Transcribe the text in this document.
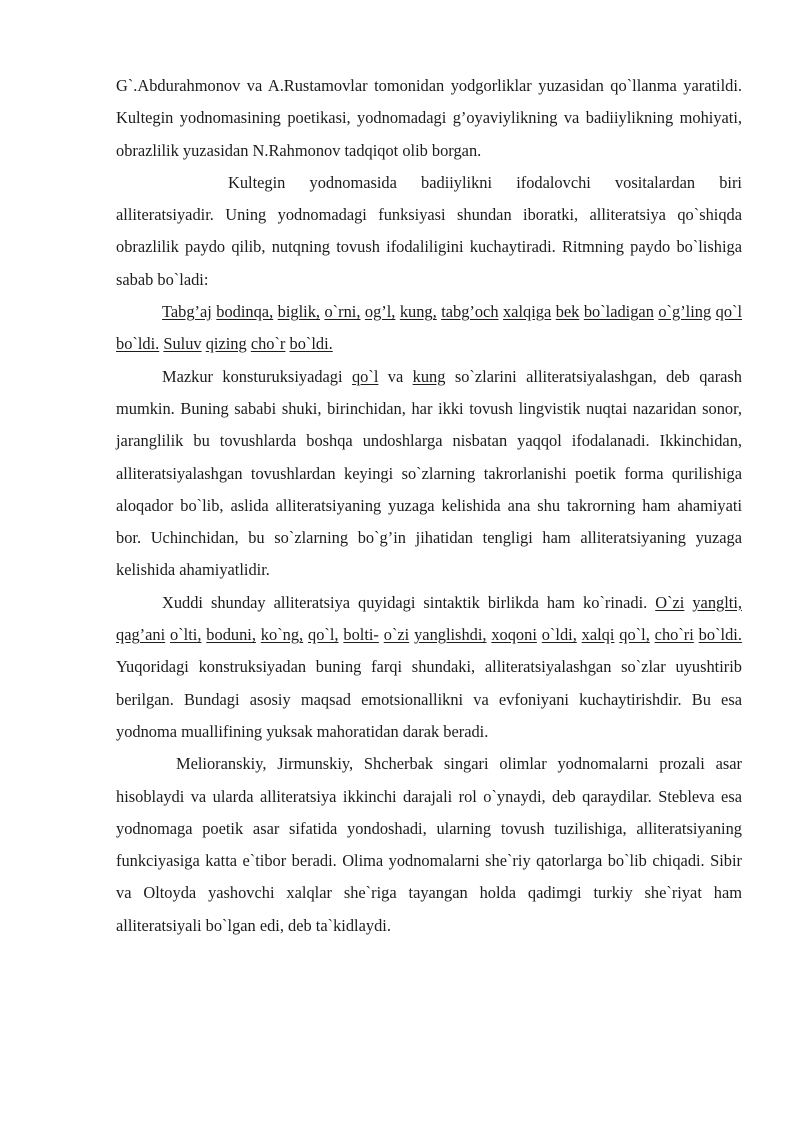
G`.Abdurahmonov va A.Rustamovlar tomonidan yodgorliklar yuzasidan qo`llanma yaratildi. Kultegin yodnomasining poetikasi, yodnomadagi g’oyaviylikning va badiiylikning mohiyati, obrazlilik yuzasidan N.Rahmonov tadqiqot olib borgan.

Kultegin yodnomasida badiiylikni ifodalovchi vositalardan biri alliteratsiyadir. Uning yodnomadagi funksiyasi shundan iboratki, alliteratsiya qo`shiqda obrazlilik paydo qilib, nutqning tovush ifodaliligini kuchaytiradi. Ritmning paydo bo`lishiga sabab bo`ladi:

Tabg’aj bodinqa, biglik, o`rni, og’l, kung, tabg’och xalqiga bek bo`ladigan o`g’ling qo`l bo`ldi. Suluv qizing cho`r bo`ldi.

Mazkur konsturuksiyadagi qo`l va kung so`zlarini alliteratsiyalashgan, deb qarash mumkin. Buning sababi shuki, birinchidan, har ikki tovush lingvistik nuqtai nazaridan sonor, jaranglilik bu tovushlarda boshqa undoshlarga nisbatan yaqqol ifodalanadi. Ikkinchidan, alliteratsiyalashgan tovushlardan keyingi so`zlarning takrorlanishi poetik forma qurilishiga aloqador bo`lib, aslida alliteratsiyaning yuzaga kelishida ana shu takrorning ham ahamiyati bor. Uchinchidan, bu so`zlarning bo`g’in jihatidan tengligi ham alliteratsiyaning yuzaga kelishida ahamiyatlidir.

Xuddi shunday alliteratsiya quyidagi sintaktik birlikda ham ko`rinadi. O`zi yanglti, qag’ani o`lti, boduni, ko`ng, qo`l, bolti- o`zi yanglishdi, xoqoni o`ldi, xalqi qo`l, cho`ri bo`ldi. Yuqoridagi konstruksiyadan buning farqi shundaki, alliteratsiyalashgan so`zlar uyushtirib berilgan. Bundagi asosiy maqsad emotsionallikni va evfoniyani kuchaytirishdir. Bu esa yodnoma muallifining yuksak mahoratidan darak beradi.

Melioranskiy, Jirmunskiy, Shcherbak singari olimlar yodnomalarni prozali asar hisoblaydi va ularda alliteratsiya ikkinchi darajali rol o`ynaydi, deb qaraydilar. Stebleva esa yodnomaga poetik asar sifatida yondoshadi, ularning tovush tuzilishiga, alliteratsiyaning funkciyasiga katta e`tibor beradi. Olima yodnomalarni she`riy qatorlarga bo`lib chiqadi. Sibir va Oltoyda yashovchi xalqlar she`riga tayangan holda qadimgi turkiy she`riyat ham alliteratsiyali bo`lgan edi, deb ta`kidlaydi.
